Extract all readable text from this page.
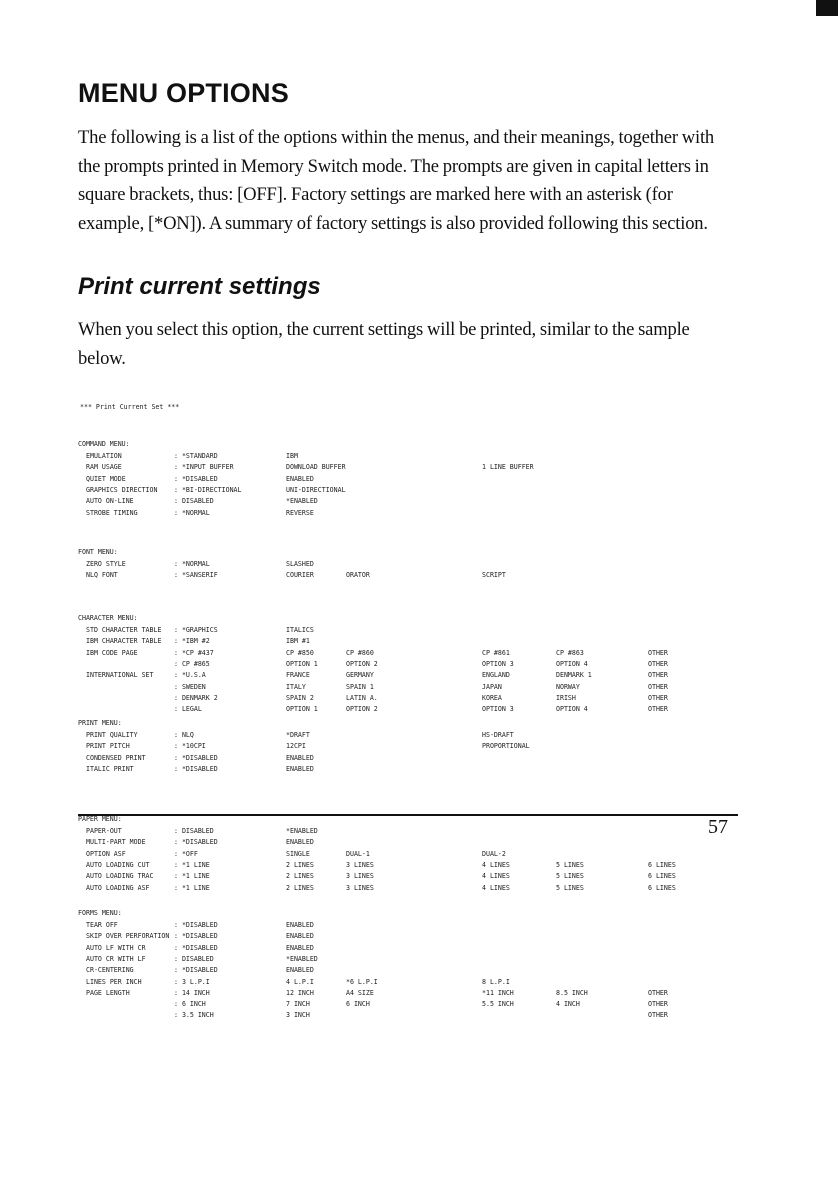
MENU OPTIONS

The following is a list of the options within the menus, and their meanings, together with the prompts printed in Memory Switch mode. The prompts are given in capital letters in square brackets, thus: [OFF]. Factory settings are marked here with an asterisk (for example, [*ON]). A summary of factory settings is also provided following this section.

Print current settings

When you select this option, the current settings will be printed, similar to the sample below.

*** Print Current Set ***
COMMAND MENU:
EMULATION	: *STANDARD	IBM
RAM USAGE	: *INPUT BUFFER	DOWNLOAD BUFFER	1 LINE BUFFER
QUIET MODE	: *DISABLED	ENABLED
GRAPHICS DIRECTION	: *BI-DIRECTIONAL	UNI-DIRECTIONAL
AUTO ON-LINE	: DISABLED	*ENABLED
STROBE TIMING	: *NORMAL	REVERSE
FONT MENU:
ZERO STYLE	: *NORMAL	SLASHED
NLQ FONT	: *SANSERIF	COURIER	ORATOR	SCRIPT
CHARACTER MENU:
STD CHARACTER TABLE : *GRAPHICS	ITALICS
IBM CHARACTER TABLE : *IBM #2	IBM #1
IBM CODE PAGE	: *CP #437	CP #850	CP #860	CP #861	CP #863	OTHER
: CP #865	OPTION 1	OPTION 2	OPTION 3	OPTION 4	OTHER
INTERNATIONAL SET	: *U.S.A	FRANCE	GERMANY	ENGLAND	DENMARK 1	OTHER
: SWEDEN	ITALY	SPAIN 1	JAPAN	NORWAY	OTHER
: DENMARK 2	SPAIN 2	LATIN A.	KOREA	IRISH	OTHER
: LEGAL	OPTION 1	OPTION 2	OPTION 3	OPTION 4	OTHER
PRINT MENU:
PRINT QUALITY	: NLQ	*DRAFT	HS-DRAFT
PRINT PITCH	: *10CPI	12CPI	PROPORTIONAL
CONDENSED PRINT	: *DISABLED	ENABLED
ITALIC PRINT	: *DISABLED	ENABLED
PAPER MENU:
PAPER-OUT	: DISABLED	*ENABLED
MULTI-PART MODE	: *DISABLED	ENABLED
OPTION ASF	: *OFF	SINGLE	DUAL-1	DUAL-2
AUTO LOADING CUT	: *1 LINE	2 LINES	3 LINES	4 LINES	5 LINES	6 LINES
AUTO LOADING TRAC	: *1 LINE	2 LINES	3 LINES	4 LINES	5 LINES	6 LINES
AUTO LOADING ASF	: *1 LINE	2 LINES	3 LINES	4 LINES	5 LINES	6 LINES
FORMS MENU:
TEAR OFF	: *DISABLED	ENABLED
SKIP OVER PERFORATION : *DISABLED	ENABLED
AUTO LF WITH CR	: *DISABLED	ENABLED
AUTO CR WITH LF	: DISABLED	*ENABLED
CR-CENTERING	: *DISABLED	ENABLED
LINES PER INCH	: 3 L.P.I	4 L.P.I	*6 L.P.I	8 L.P.I
PAGE LENGTH	: 14 INCH	12 INCH	A4 SIZE	*11 INCH	8.5 INCH	OTHER
: 6 INCH	7 INCH	6 INCH	5.5 INCH	4 INCH	OTHER
: 3.5 INCH	3 INCH	OTHER
57
